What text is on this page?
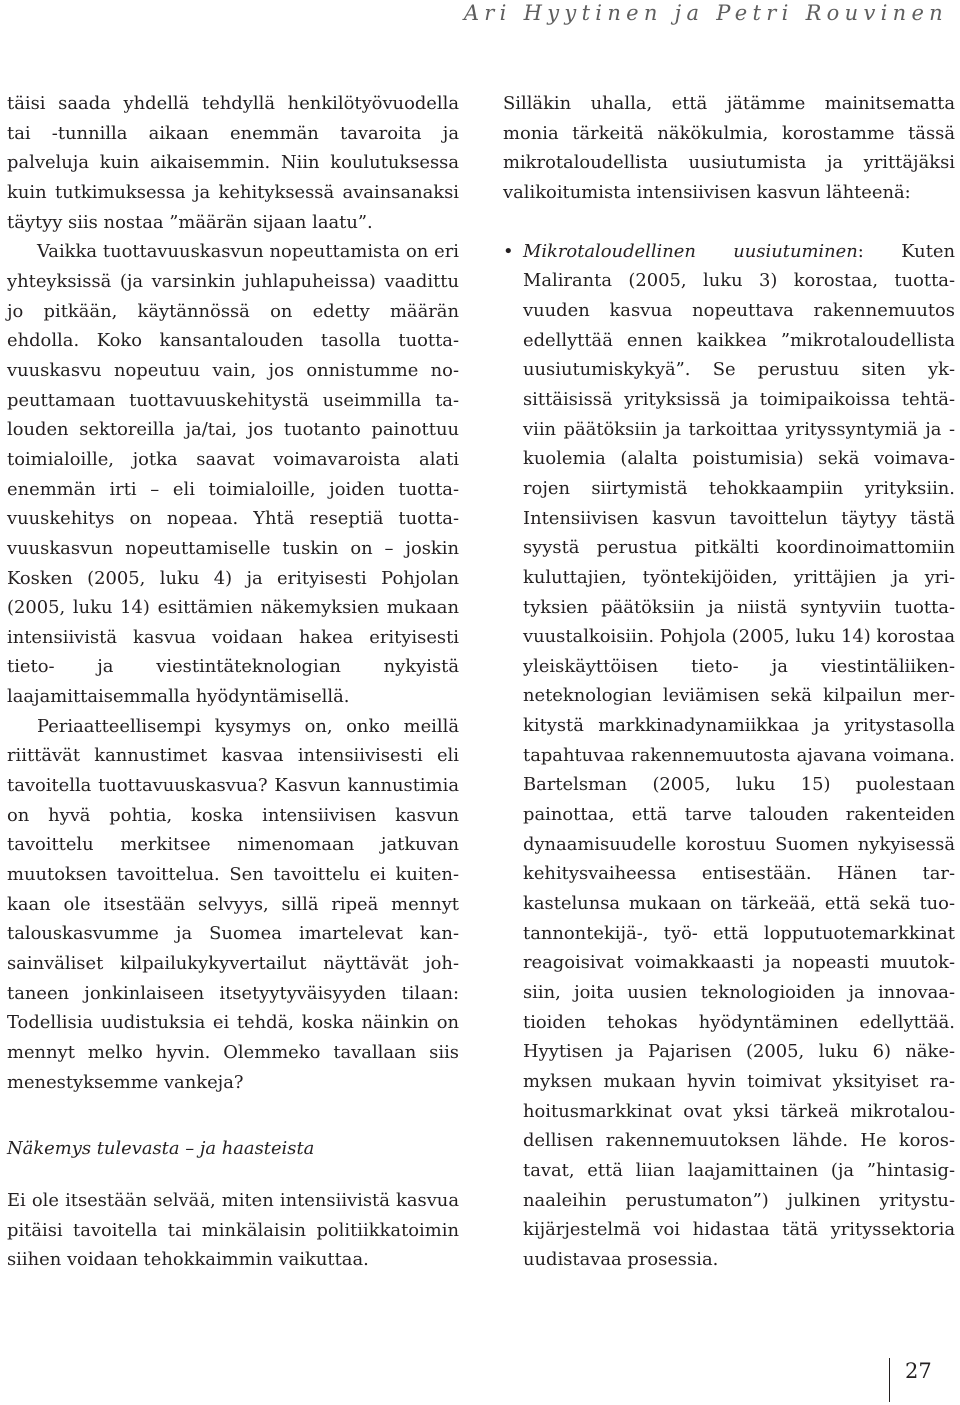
Ari Hyytinen ja Petri Rouvinen

täisi saada yhdellä tehdyllä henkilötyövuodella tai -tunnilla aikaan enemmän tavaroita ja palveluja kuin aikaisemmin. Niin koulutuksessa kuin tutkimuksessa ja kehityksessä avainsanaksi täytyy siis nostaa ”määrän sijaan laatu”.

Vaikka tuottavuuskasvun nopeuttamista on eri yhteyksissä (ja varsinkin juhlapuheissa) vaadittu jo pitkään, käytännössä on edetty määrän ehdolla. Koko kansantalouden tasolla tuottavuuskasvu nopeutuu vain, jos onnistumme nopeuttamaan tuottavuuskehitystä useimmilla talouden sektoreilla ja/tai, jos tuotanto painottuu toimialoille, jotka saavat voimavaroista alati enemmän irti – eli toimialoille, joiden tuottavuuskehitys on nopeaa. Yhtä reseptiä tuottavuuskasvun nopeuttamiselle tuskin on – joskin Kosken (2005, luku 4) ja erityisesti Pohjolan (2005, luku 14) esittämien näkemyksien mukaan intensiivistä kasvua voidaan hakea erityisesti tieto- ja viestintäteknologian nykyistä laajamittaisemmalla hyödyntämisellä.

Periaatteellisempi kysymys on, onko meillä riittävät kannustimet kasvaa intensiivisesti eli tavoitella tuottavuuskasvua? Kasvun kannustimia on hyvä pohtia, koska intensiivisen kasvun tavoittelu merkitsee nimenomaan jatkuvan muutoksen tavoittelua. Sen tavoittelu ei kuitenkaan ole itsestään selvyys, sillä ripeä mennyt talouskasvumme ja Suomea imartelevat kansainväliset kilpailukykyvertailut näyttävät johtaneen jonkinlaiseen itsetyytyväisyyden tilaan: Todellisia uudistuksia ei tehdä, koska näinkin on mennyt melko hyvin. Olemmeko tavallaan siis menestyksemme vankeja?

Näkemys tulevasta – ja haasteista

Ei ole itsestään selvää, miten intensiivistä kasvua pitäisi tavoitella tai minkälaisin politiikkatoimin siihen voidaan tehokkaimmin vaikuttaa.

Silläkin uhalla, että jätämme mainitsematta monia tärkeitä näkökulmia, korostamme tässä mikrotaloudellista uusiutumista ja yrittäjäksi valikoitumista intensiivisen kasvun lähteenä:

• Mikrotaloudellinen uusiutuminen: Kuten Maliranta (2005, luku 3) korostaa, tuottavuuden kasvua nopeuttava rakennemuutos edellyttää ennen kaikkea ”mikrotaloudellista uusiutumiskykyä”. Se perustuu siten yksittäisissä yrityksissä ja toimipaikoissa tehtäviin päätöksiin ja tarkoittaa yrityssyntymiä ja -kuolemia (alalta poistumisia) sekä voimavarojen siirtymistä tehokkaampiin yrityksiin. Intensiivisen kasvun tavoittelun täytyy tästä syystä perustua pitkälti koordinoimattomiin kuluttajien, työntekijöiden, yrittäjien ja yrityksien päätöksiin ja niistä syntyviin tuottavuustalkoisiin. Pohjola (2005, luku 14) korostaa yleiskäyttöisen tieto- ja viestintäliikenneteknologian leviämisen sekä kilpailun merkitystä markkinadynamiikkaa ja yritystasolla tapahtuvaa rakennemuutosta ajavana voimana. Bartelsman (2005, luku 15) puolestaan painottaa, että tarve talouden rakenteiden dynaamisuudelle korostuu Suomen nykyisessä kehitysvaiheessa entisestään. Hänen tarkastelunsa mukaan on tärkeää, että sekä tuotannontekijä-, työ- että lopputuotemarkkinat reagoisivat voimakkaasti ja nopeasti muutoksiin, joita uusien teknologioiden ja innovaatioiden tehokas hyödyntäminen edellyttää. Hyytisen ja Pajarisen (2005, luku 6) näkemyksen mukaan hyvin toimivat yksityiset rahoitusmarkkinat ovat yksi tärkeä mikrotaloudellisen rakennemuutoksen lähde. He korostavat, että liian laajamittainen (ja ”hintasignaaleihin perustumaton”) julkinen yritystukijärjestelmä voi hidastaa tätä yrityssektoria uudistavaa prosessia.

27
